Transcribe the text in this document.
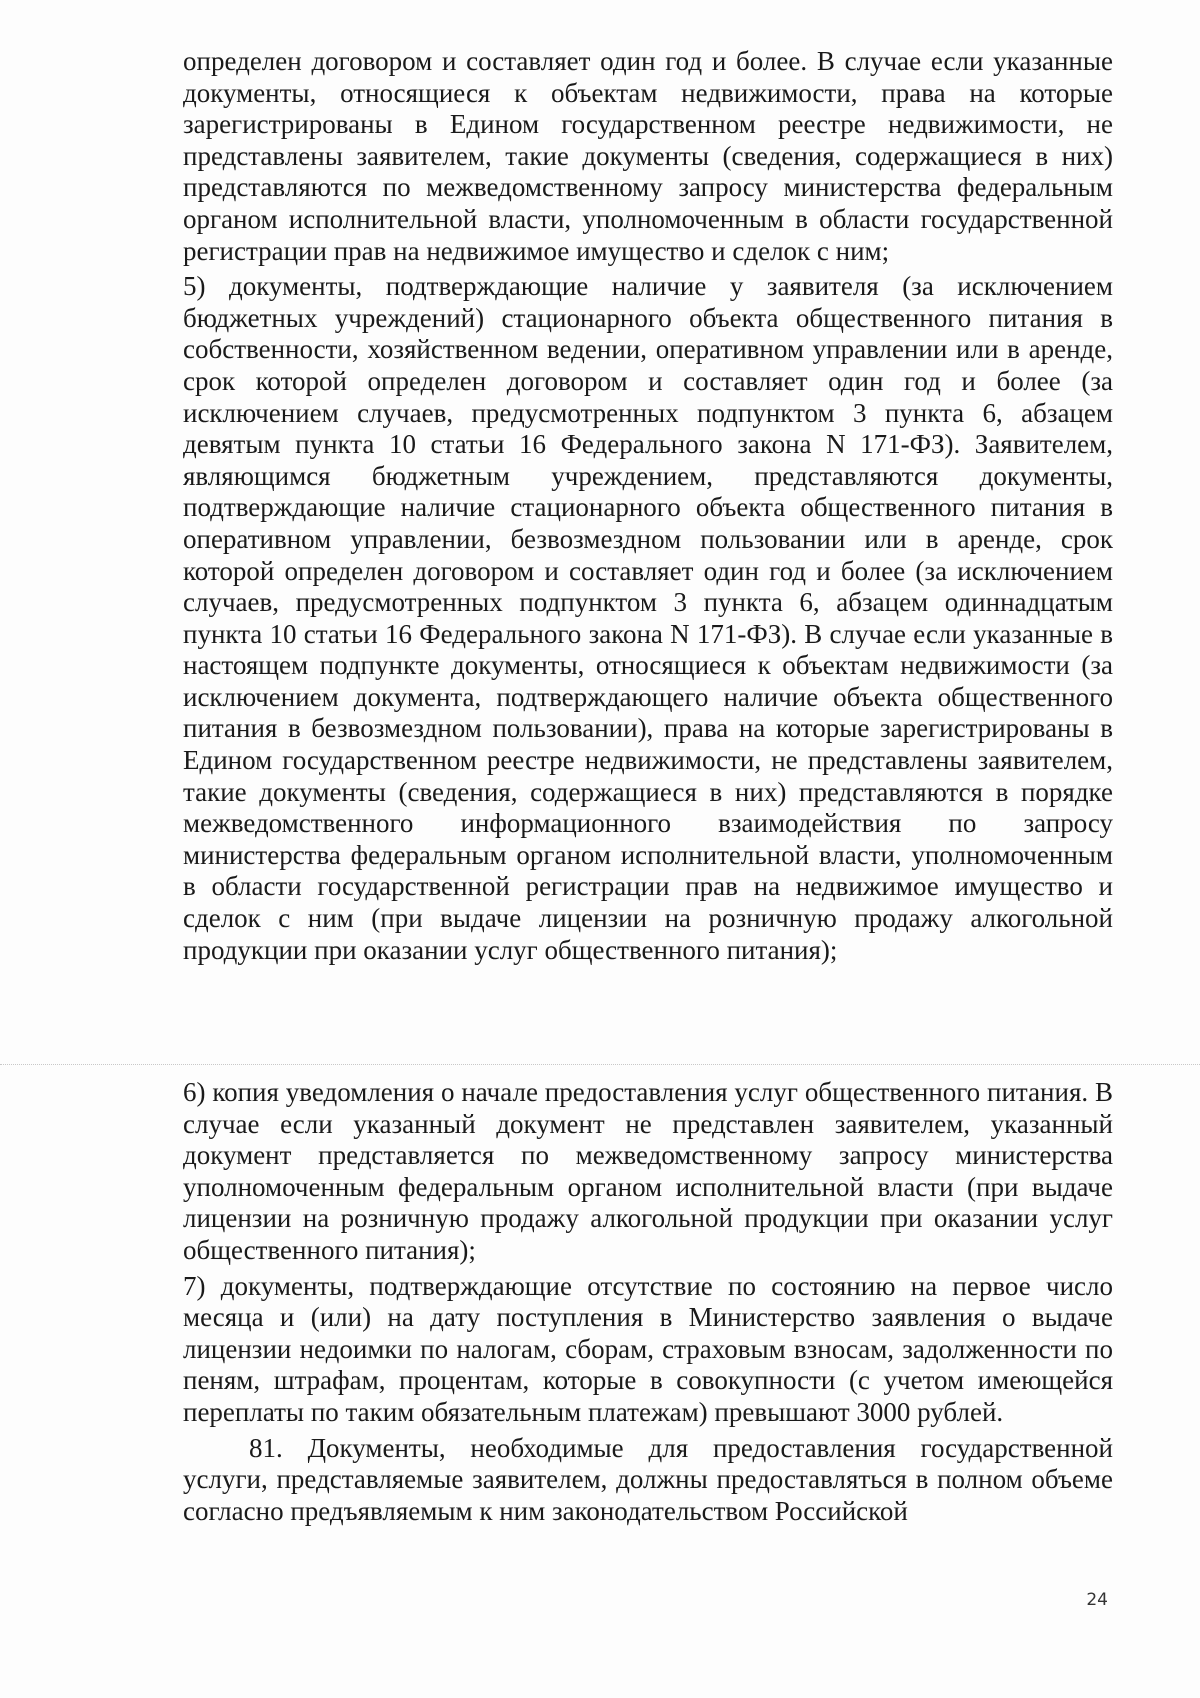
определен договором и составляет один год и более. В случае если указанные документы, относящиеся к объектам недвижимости, права на которые зарегистрированы в Едином государственном реестре недвижимости, не представлены заявителем, такие документы (сведения, содержащиеся в них) представляются по межведомственному запросу министерства федеральным органом исполнительной власти, уполномоченным в области государственной регистрации прав на недвижимое имущество и сделок с ним;

5) документы, подтверждающие наличие у заявителя (за исключением бюджетных учреждений) стационарного объекта общественного питания в собственности, хозяйственном ведении, оперативном управлении или в аренде, срок которой определен договором и составляет один год и более (за исключением случаев, предусмотренных подпунктом 3 пункта 6, абзацем девятым пункта 10 статьи 16 Федерального закона N 171-ФЗ). Заявителем, являющимся бюджетным учреждением, представляются документы, подтверждающие наличие стационарного объекта общественного питания в оперативном управлении, безвозмездном пользовании или в аренде, срок которой определен договором и составляет один год и более (за исключением случаев, предусмотренных подпунктом 3 пункта 6, абзацем одиннадцатым пункта 10 статьи 16 Федерального закона N 171-ФЗ). В случае если указанные в настоящем подпункте документы, относящиеся к объектам недвижимости (за исключением документа, подтверждающего наличие объекта общественного питания в безвозмездном пользовании), права на которые зарегистрированы в Едином государственном реестре недвижимости, не представлены заявителем, такие документы (сведения, содержащиеся в них) представляются в порядке межведомственного информационного взаимодействия по запросу министерства федеральным органом исполнительной власти, уполномоченным в области государственной регистрации прав на недвижимое имущество и сделок с ним (при выдаче лицензии на розничную продажу алкогольной продукции при оказании услуг общественного питания);

6) копия уведомления о начале предоставления услуг общественного питания. В случае если указанный документ не представлен заявителем, указанный документ представляется по межведомственному запросу министерства уполномоченным федеральным органом исполнительной власти (при выдаче лицензии на розничную продажу алкогольной продукции при оказании услуг общественного питания);

7) документы, подтверждающие отсутствие по состоянию на первое число месяца и (или) на дату поступления в Министерство заявления о выдаче лицензии недоимки по налогам, сборам, страховым взносам, задолженности по пеням, штрафам, процентам, которые в совокупности (с учетом имеющейся переплаты по таким обязательным платежам) превышают 3000 рублей.

81. Документы, необходимые для предоставления государственной услуги, представляемые заявителем, должны предоставляться в полном объеме согласно предъявляемым к ним законодательством Российской

24
